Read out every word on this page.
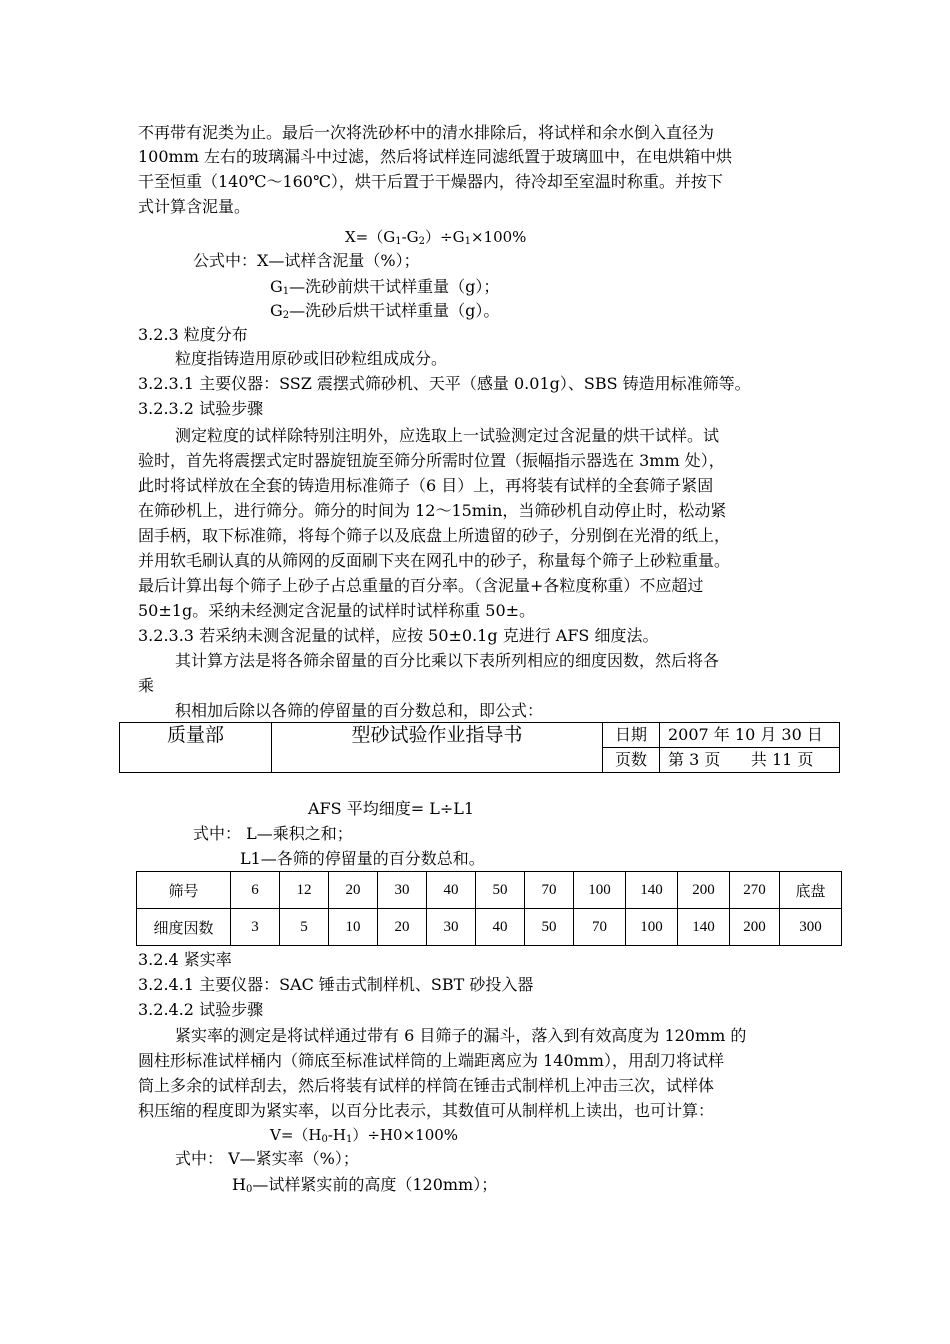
不再带有泥类为止。最后一次将洗砂杯中的清水排除后，将试样和余水倒入直径为

100mm 左右的玻璃漏斗中过滤，然后将试样连同滤纸置于玻璃皿中，在电烘箱中烘

干至恒重（140℃～160℃），烘干后置于干燥器内，待冷却至室温时称重。并按下

式计算含泥量。

$X=(G_1-G_2)\div G_1\times 100\%$

公式中：X—试样含泥量（%）；

$G_1—$洗砂前烘干试样重量（g）；

$G_2—$洗砂后烘干试样重量（g）。

3.2.3 粒度分布

粒度指铸造用原砂或旧砂粒组成成分。

3.2.3.1 主要仪器：SSZ 震摆式筛砂机、天平（感量 0.01g）、SBS 铸造用标准筛等。

3.2.3.2 试验步骤

测定粒度的试样除特别注明外，应选取上一试验测定过含泥量的烘干试样。试

验时，首先将震摆式定时器旋钮旋至筛分所需时位置（振幅指示器选在 3mm 处），

此时将试样放在全套的铸造用标准筛子（6 目）上，再将装有试样的全套筛子紧固

在筛砂机上，进行筛分。筛分的时间为 12～15min，当筛砂机自动停止时，松动紧

固手柄，取下标准筛，将每个筛子以及底盘上所遗留的砂子，分别倒在光滑的纸上，

并用软毛刷认真的从筛网的反面刷下夹在网孔中的砂子，称量每个筛子上砂粒重量。

最后计算出每个筛子上砂子占总重量的百分率。（含泥量+各粒度称重）不应超过

50±1g。采纳未经测定含泥量的试样时试样称重 50±。

3.2.3.3 若采纳未测含泥量的试样，应按 50±0.1g 克进行 AFS 细度法。

其计算方法是将各筛余留量的百分比乘以下表所列相应的细度因数，然后将各

乘

积相加后除以各筛的停留量的百分数总和，即公式：

质量部	型砂试验作业指导书	日期	2007 年 10 月 30 日
		页数	第 3 页 共 11 页

AFS 平均细度= L÷L1

式中： L—乘积之和；

L1—各筛的停留量的百分数总和。

筛号	6	12	20	30	40	50	70	100	140	200	270	底盘
细度因数	3	5	10	20	30	40	50	70	100	140	200	300

3.2.4 紧实率

3.2.4.1 主要仪器：SAC 锤击式制样机、SBT 砂投入器

3.2.4.2 试验步骤

紧实率的测定是将试样通过带有 6 目筛子的漏斗，落入到有效高度为 120mm 的

圆柱形标准试样桶内（筛底至标准试样筒的上端距离应为 140mm），用刮刀将试样

筒上多余的试样刮去，然后将装有试样的样筒在锤击式制样机上冲击三次，试样体

积压缩的程度即为紧实率，以百分比表示，其数值可从制样机上读出，也可计算：

$V=(H_0-H_1)\div H0\times 100\%$

式中： V—紧实率（%）；

$H_0—$试样紧实前的高度（120mm）；
